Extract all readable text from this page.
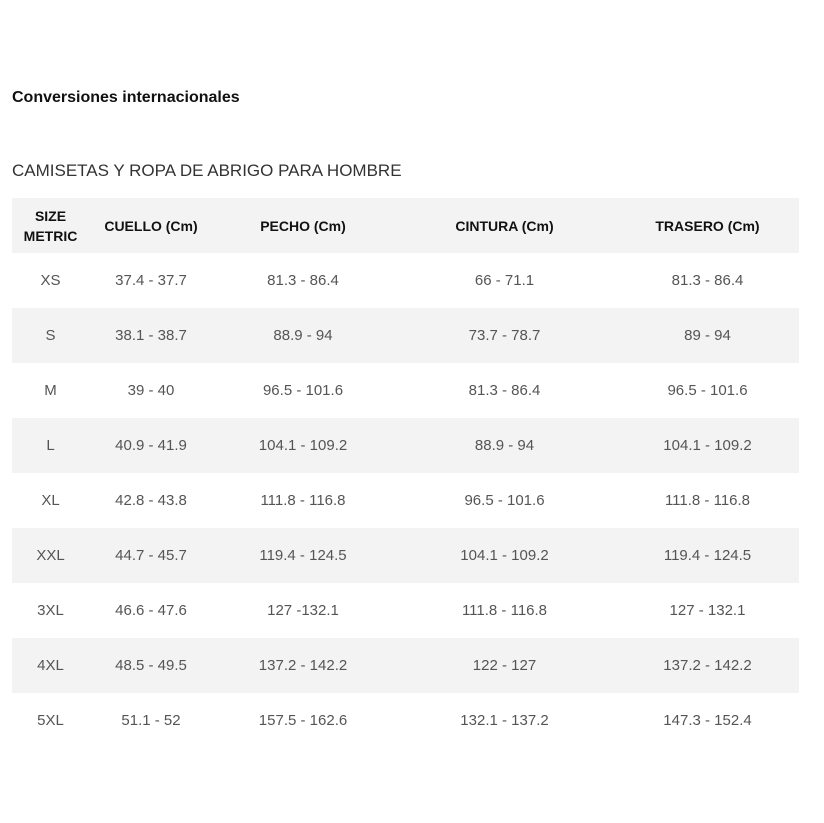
Conversiones internacionales
CAMISETAS Y ROPA DE ABRIGO PARA HOMBRE
SIZE
METRIC	CUELLO (Cm)	PECHO (Cm)	CINTURA (Cm)	TRASERO (Cm)
XS	37.4 - 37.7	81.3 - 86.4	66 - 71.1	81.3 - 86.4
S	38.1 - 38.7	88.9 - 94	73.7 - 78.7	89 - 94
M	39 - 40	96.5 - 101.6	81.3 - 86.4	96.5 - 101.6
L	40.9 - 41.9	104.1 - 109.2	88.9 - 94	104.1 - 109.2
XL	42.8 - 43.8	111.8 - 116.8	96.5 - 101.6	111.8 - 116.8
XXL	44.7 - 45.7	119.4 - 124.5	104.1 - 109.2	119.4 - 124.5
3XL	46.6 - 47.6	127 -132.1	111.8 - 116.8	127 - 132.1
4XL	48.5 - 49.5	137.2 - 142.2	122 - 127	137.2 - 142.2
5XL	51.1 - 52	157.5 - 162.6	132.1 - 137.2	147.3 - 152.4
